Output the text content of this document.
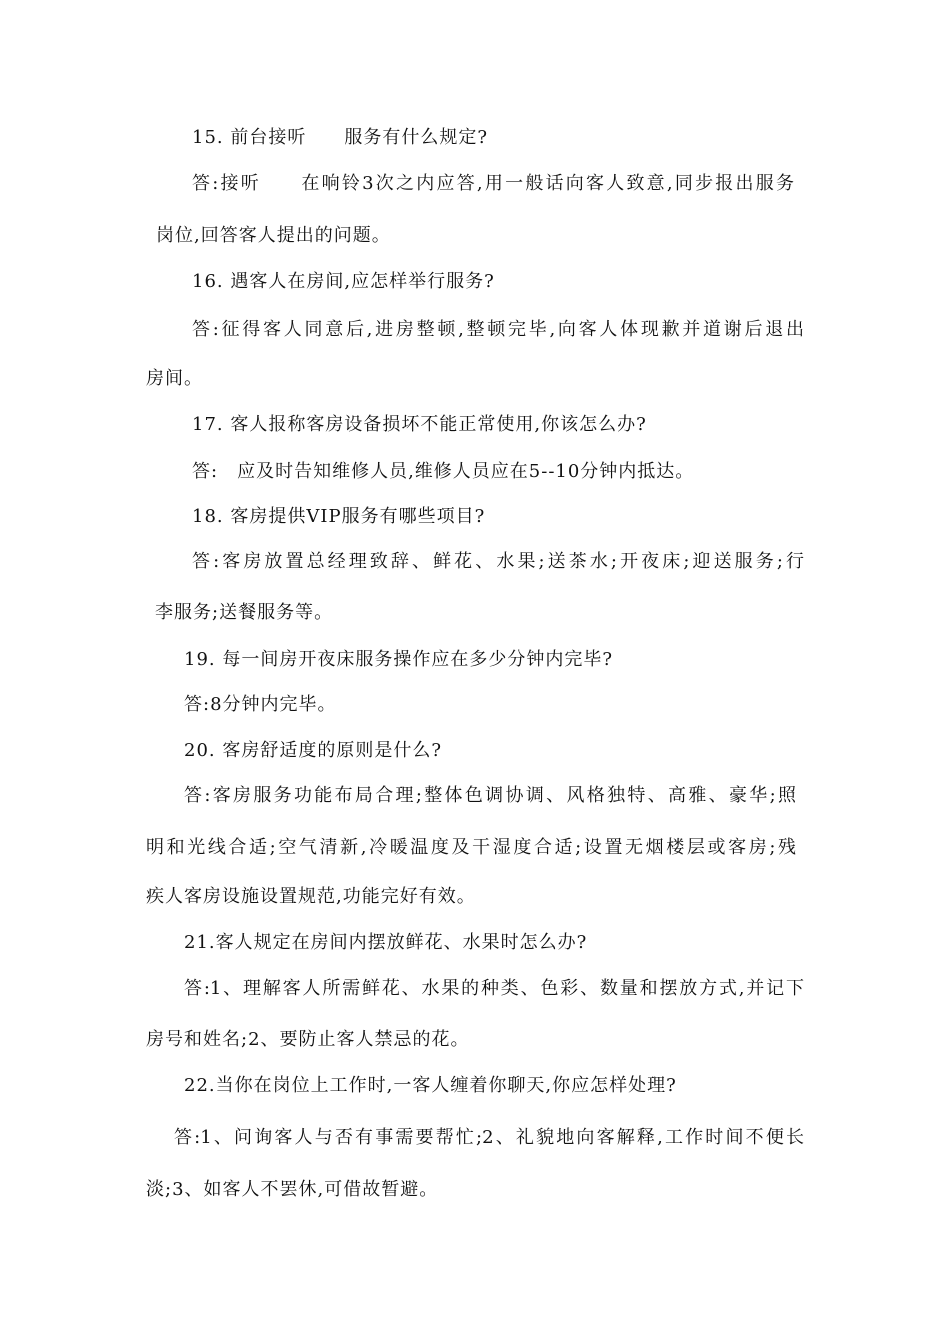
15. 前台接听　　服务有什么规定?
答:接听　　在响铃3次之内应答,用一般话向客人致意,同步报出服务
岗位,回答客人提出的问题。
16. 遇客人在房间,应怎样举行服务?
答:征得客人同意后,进房整顿,整顿完毕,向客人体现歉并道谢后退出
房间。
17. 客人报称客房设备损坏不能正常使用,你该怎么办?
答:　应及时告知维修人员,维修人员应在5--10分钟内抵达。
18. 客房提供VIP服务有哪些项目?
答:客房放置总经理致辞、鲜花、水果;送茶水;开夜床;迎送服务;行
李服务;送餐服务等。
19. 每一间房开夜床服务操作应在多少分钟内完毕?
答:8分钟内完毕。
20. 客房舒适度的原则是什么?
答:客房服务功能布局合理;整体色调协调、风格独特、高雅、豪华;照
明和光线合适;空气清新,冷暖温度及干湿度合适;设置无烟楼层或客房;残
疾人客房设施设置规范,功能完好有效。
21.客人规定在房间内摆放鲜花、水果时怎么办?
答:1、理解客人所需鲜花、水果的种类、色彩、数量和摆放方式,并记下
房号和姓名;2、要防止客人禁忌的花。
22.当你在岗位上工作时,一客人缠着你聊天,你应怎样处理?
答:1、问询客人与否有事需要帮忙;2、礼貌地向客解释,工作时间不便长
淡;3、如客人不罢休,可借故暂避。
